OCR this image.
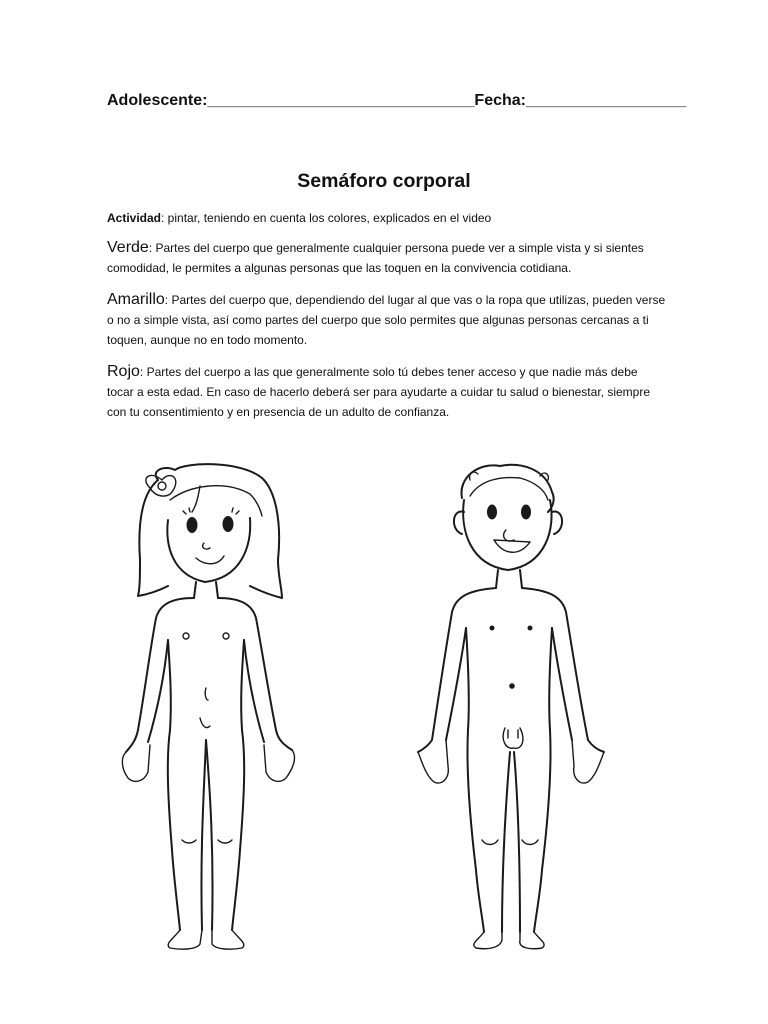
Adolescente:______________________________Fecha:__________________
Semáforo corporal
Actividad: pintar, teniendo en cuenta los colores, explicados en el video
Verde: Partes del cuerpo que generalmente cualquier persona puede ver a simple vista y si sientes comodidad, le permites a algunas personas que las toquen en la convivencia cotidiana.
Amarillo: Partes del cuerpo que, dependiendo del lugar al que vas o la ropa que utilizas, pueden verse o no a simple vista, así como partes del cuerpo que solo permites que algunas personas cercanas a ti toquen, aunque no en todo momento.
Rojo: Partes del cuerpo a las que generalmente solo tú debes tener acceso y que nadie más debe tocar a esta edad. En caso de hacerlo deberá ser para ayudarte a cuidar tu salud o bienestar, siempre con tu consentimiento y en presencia de un adulto de confianza.
